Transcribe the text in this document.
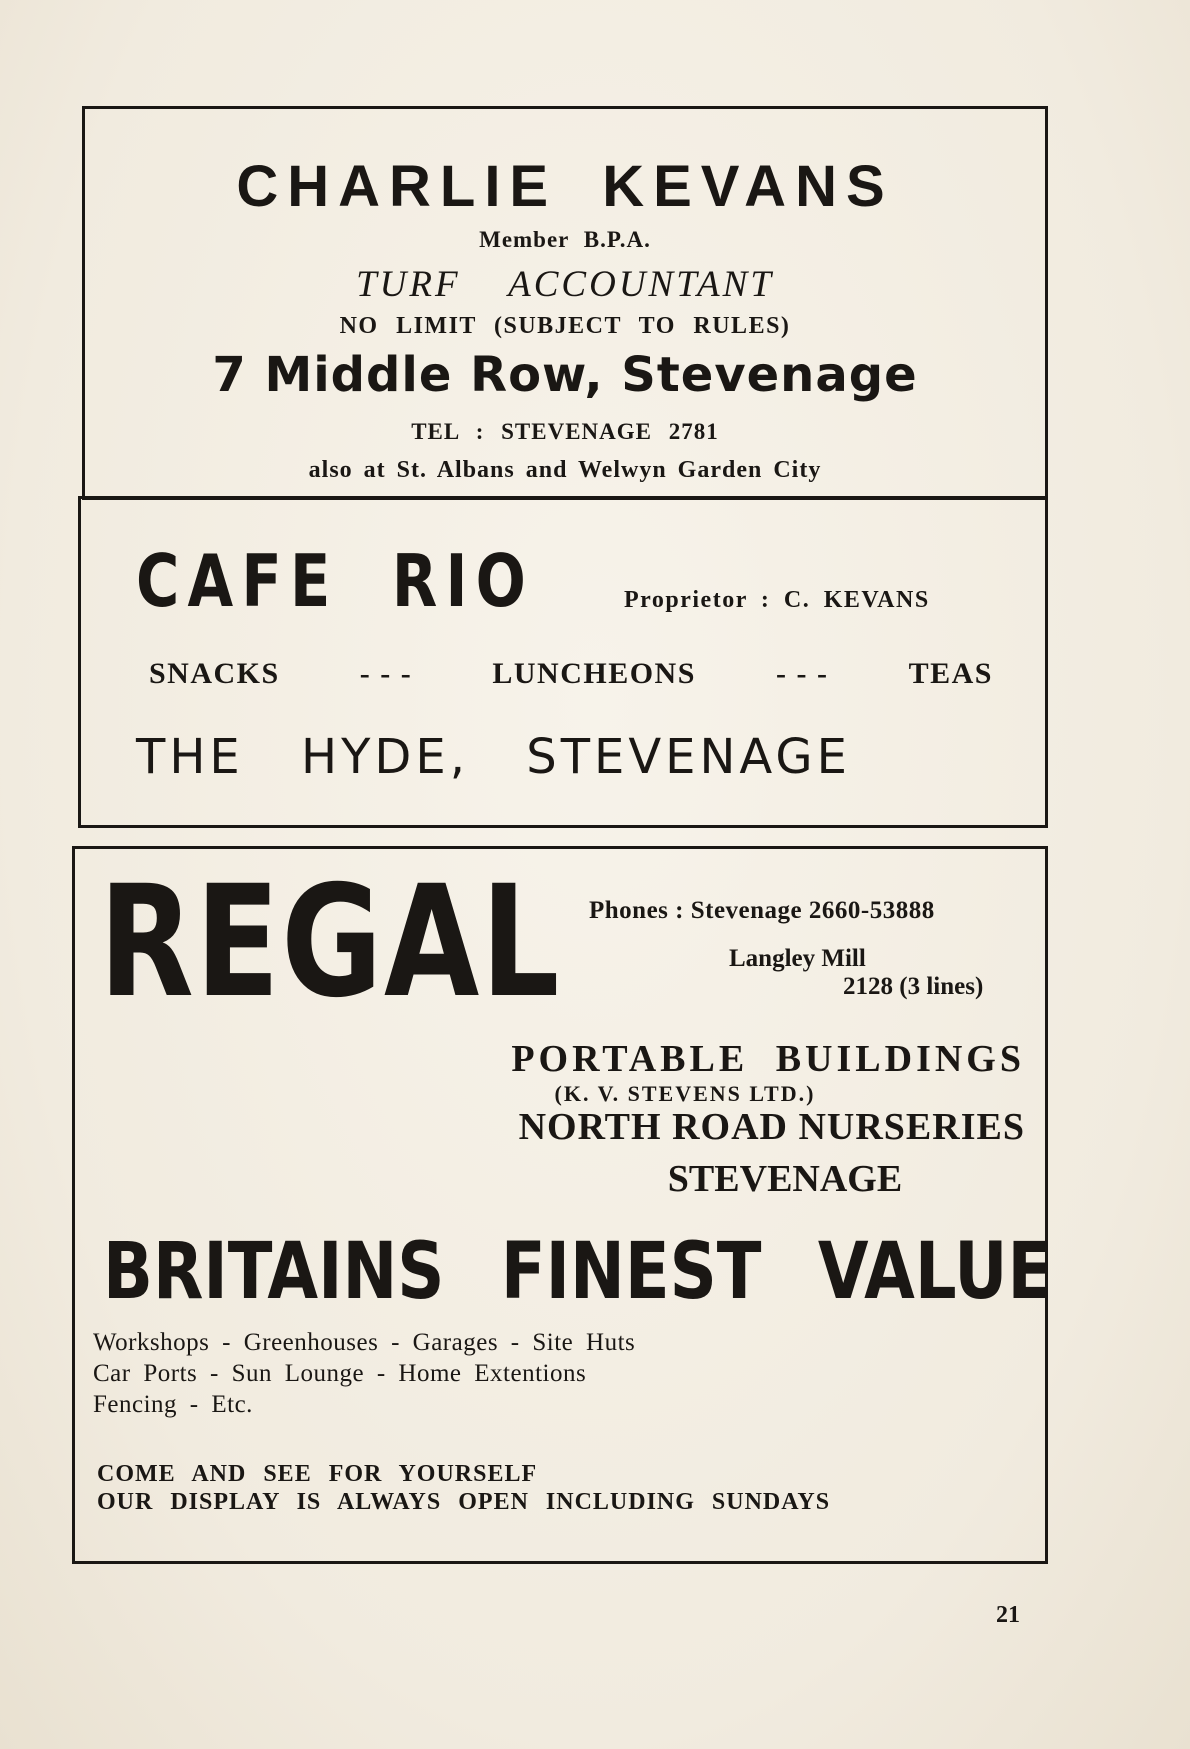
CHARLIE KEVANS
Member B.P.A.
TURF ACCOUNTANT
NO LIMIT (SUBJECT TO RULES)
7 Middle Row, Stevenage
TEL : STEVENAGE 2781
also at St. Albans and Welwyn Garden City
CAFE RIO	Proprietor : C. KEVANS
SNACKS	- - -	LUNCHEONS	- - -	TEAS
THE HYDE, STEVENAGE
REGAL Phones : Stevenage 2660-53888
Langley Mill
2128 (3 lines)
PORTABLE BUILDINGS
(K. V. STEVENS LTD.)
NORTH ROAD NURSERIES
STEVENAGE
BRITAINS FINEST VALUE
Workshops - Greenhouses - Garages - Site Huts
Car Ports - Sun Lounge - Home Extentions
Fencing - Etc.
COME AND SEE FOR YOURSELF
OUR DISPLAY IS ALWAYS OPEN INCLUDING SUNDAYS
21
